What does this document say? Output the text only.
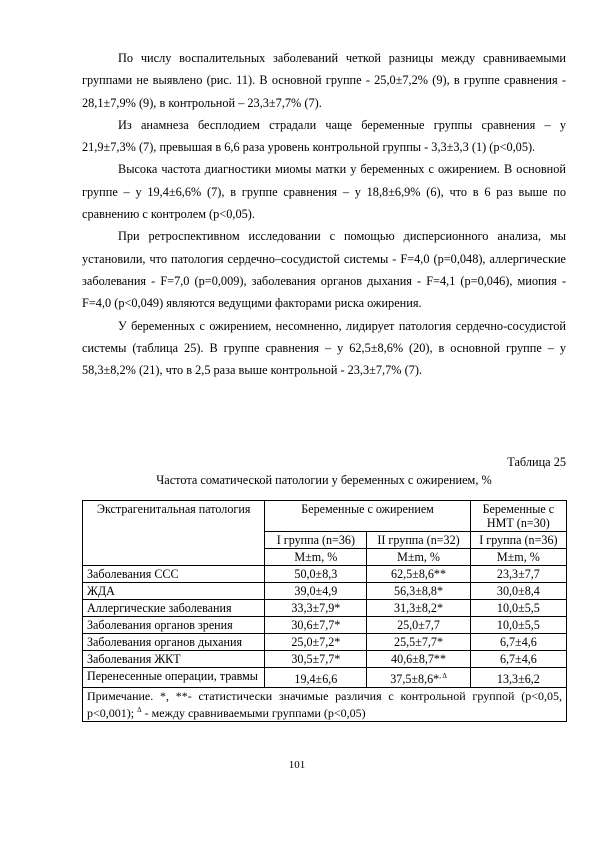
По числу воспалительных заболеваний четкой разницы между сравниваемыми группами не выявлено (рис. 11). В основной группе - 25,0±7,2% (9), в группе сравнения - 28,1±7,9% (9), в контрольной – 23,3±7,7% (7).

Из анамнеза бесплодием страдали чаще беременные группы сравнения – у 21,9±7,3% (7), превышая в 6,6 раза уровень контрольной группы - 3,3±3,3 (1) (p<0,05).

Высока частота диагностики миомы матки у беременных с ожирением. В основной группе – у 19,4±6,6% (7), в группе сравнения – у 18,8±6,9% (6), что в 6 раз выше по сравнению с контролем (p<0,05).

При ретроспективном исследовании с помощью дисперсионного анализа, мы установили, что патология сердечно–сосудистой системы - F=4,0 (p=0,048), аллергические заболевания - F=7,0 (p=0,009), заболевания органов дыхания - F=4,1 (p=0,046), миопия - F=4,0 (p<0,049) являются ведущими факторами риска ожирения.

У беременных с ожирением, несомненно, лидирует патология сердечно-сосудистой системы (таблица 25). В группе сравнения – у 62,5±8,6% (20), в основной группе – у 58,3±8,2% (21), что в 2,5 раза выше контрольной - 23,3±7,7% (7).

Таблица 25
Частота соматической патологии у беременных с ожирением, %
Экстрагенитальная патология	Беременные с ожирением		Беременные с НМТ (n=30)
	I группа (n=36)	II группа (n=32)	I группа (n=36)
	M±m, %	M±m, %	M±m, %
Заболевания ССС	50,0±8,3	62,5±8,6**	23,3±7,7
ЖДА	39,0±4,9	56,3±8,8*	30,0±8,4
Аллергические заболевания	33,3±7,9*	31,3±8,2*	10,0±5,5
Заболевания органов зрения	30,6±7,7*	25,0±7,7	10,0±5,5
Заболевания органов дыхания	25,0±7,2*	25,5±7,7*	6,7±4,6
Заболевания ЖКТ	30,5±7,7*	40,6±8,7**	6,7±4,6
Перенесенные операции, травмы	19,4±6,6	37,5±8,6*$^{, \Delta}$	13,3±6,2
Примечание. *, **- статистически значимые различия с контрольной группой (p<0,05, p<0,001); $^\Delta$ - между сравниваемыми группами (p<0,05)			
101
